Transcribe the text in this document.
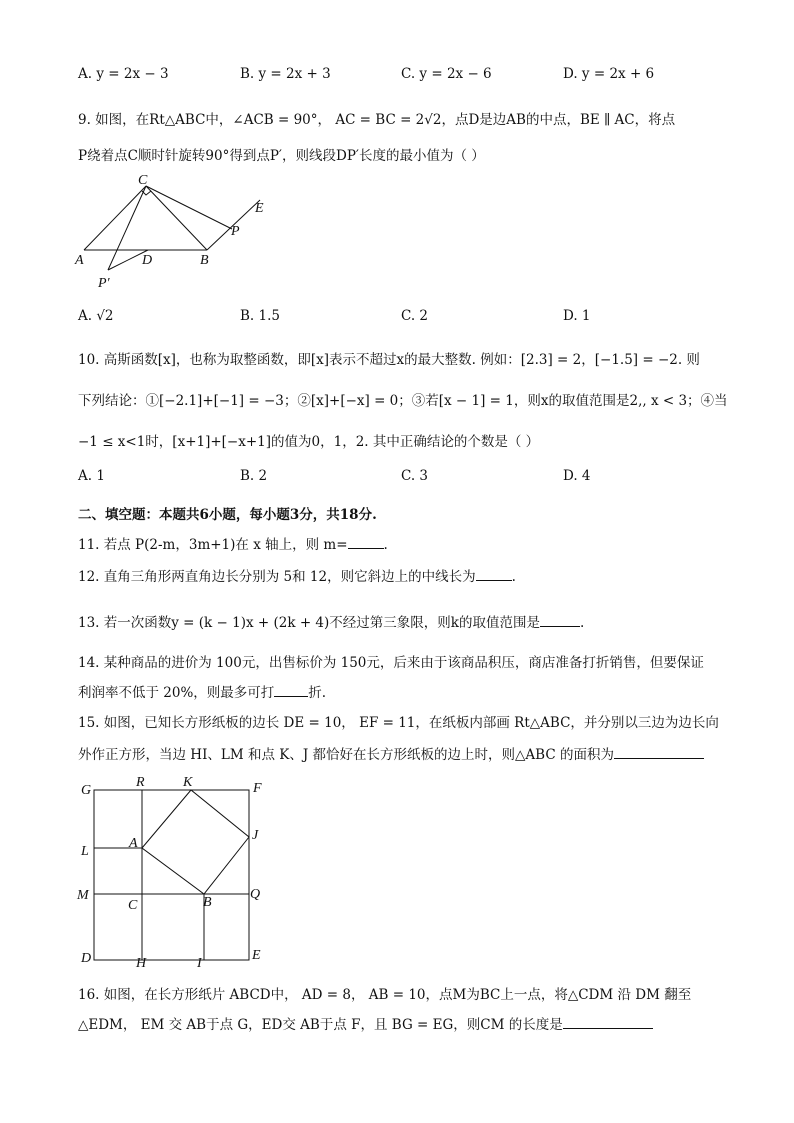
A. y = 2x − 3	B. y = 2x + 3	C. y = 2x − 6	D. y = 2x + 6
9. 如图，在Rt△ABC中，∠ACB = 90°， AC = BC = 2√2，点D是边AB的中点，BE ∥ AC，将点
P绕着点C顺时针旋转90°得到点P′，则线段DP′长度的最小值为（ ）
C
E
P
A	D	B
P′
A. √2	B. 1.5	C. 2	D. 1
10. 高斯函数[x]，也称为取整函数，即[x]表示不超过x的最大整数. 例如：[2.3] = 2，[−1.5] = −2. 则
下列结论：①[−2.1]+[−1] = −3；②[x]+[−x] = 0；③若[x − 1] = 1，则x的取值范围是2,, x < 3；④当
−1 ≤ x<1时，[x+1]+[−x+1]的值为0，1，2. 其中正确结论的个数是（ ）
A. 1	B. 2	C. 3	D. 4
二、填空题：本题共6小题，每小题3分，共18分.
11. 若点 P(2-m，3m+1)在 x 轴上，则 m=	.
12. 直角三角形两直角边长分别为 5和 12，则它斜边上的中线长为	.
13. 若一次函数y = (k − 1)x + (2k + 4)不经过第三象限，则k的取值范围是	.
14. 某种商品的进价为 100元，出售标价为 150元，后来由于该商品积压，商店准备打折销售，但要保证
利润率不低于 20%，则最多可打	折.
15. 如图，已知长方形纸板的边长 DE = 10， EF = 11，在纸板内部画 Rt△ABC，并分别以三边为边长向
外作正方形，当边 HI、LM 和点 K、J 都恰好在长方形纸板的边上时，则△ABC 的面积为
G
R	K	F
J
A
L
M
C	B
Q
D	H	I
E
16. 如图，在长方形纸片 ABCD中， AD = 8， AB = 10，点M为BC上一点，将△CDM 沿 DM 翻至
△EDM， EM 交 AB于点 G，ED交 AB于点 F，且 BG = EG，则CM 的长度是
